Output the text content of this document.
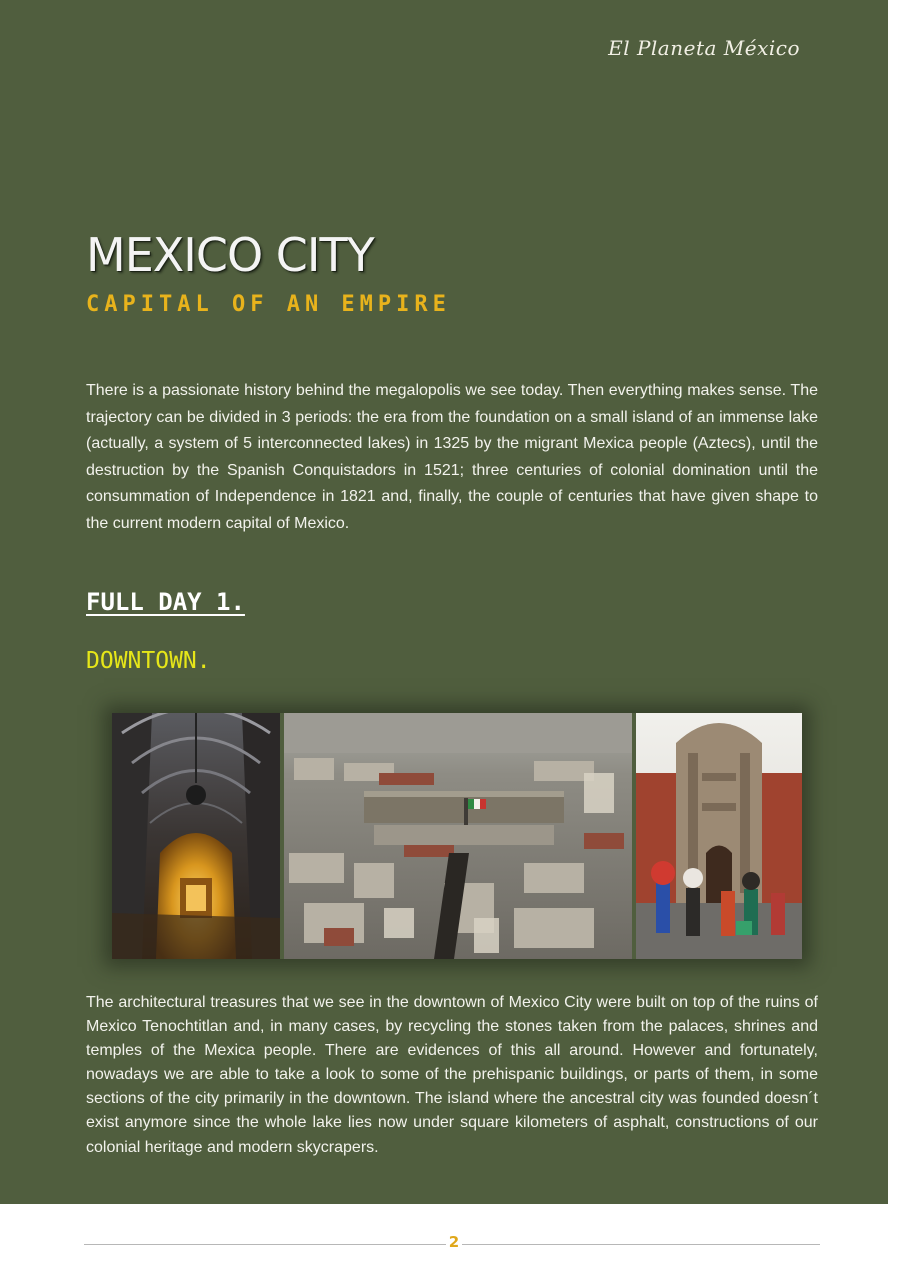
El Planeta México
MEXICO CITY
CAPITAL OF AN EMPIRE

There is a passionate history behind the megalopolis we see today. Then everything makes sense. The trajectory can be divided in 3 periods: the era from the foundation on a small island of an immense lake (actually, a system of 5 interconnected lakes) in 1325 by the migrant Mexica people (Aztecs), until the destruction by the Spanish Conquistadors in 1521; three centuries of colonial domination until the consummation of Independence in 1821 and, finally, the couple of centuries that have given shape to the current modern capital of Mexico.

FULL DAY 1.
DOWNTOWN.

The architectural treasures that we see in the downtown of Mexico City were built on top of the ruins of Mexico Tenochtitlan and, in many cases, by recycling the stones taken from the palaces, shrines and temples of the Mexica people. There are evidences of this all around. However and fortunately, nowadays we are able to take a look to some of the prehispanic buildings, or parts of them, in some sections of the city primarily in the downtown. The island where the ancestral city was founded doesn´t exist anymore since the whole lake lies now under square kilometers of asphalt, constructions of our colonial heritage and modern skycrapers.

2
